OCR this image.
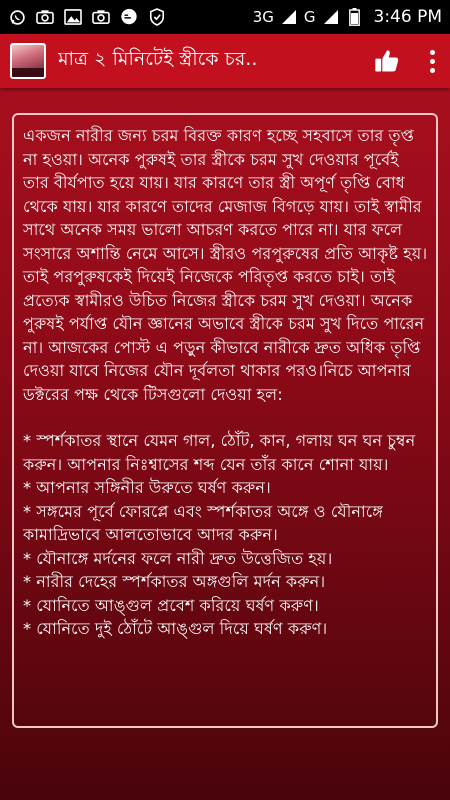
3G G	3:46 PM
মাত্র ২ মিনিটেই স্ত্রীকে চর..

একজন নারীর জন্য চরম বিরক্ত কারণ হচ্ছে সহবাসে তার তৃপ্ত না হওয়া। অনেক পুরুষই তার স্ত্রীকে চরম সুখ দেওয়ার পূর্বেই তার বীর্যপাত হয়ে যায়। যার কারণে তার স্ত্রী অপূর্ণ তৃপ্তি বোধ থেকে যায়। যার কারণে তাদের মেজাজ বিগড়ে যায়। তাই স্বামীর সাথে অনেক সময় ভালো আচরণ করতে পারে না। যার ফলে সংসারে অশান্তি নেমে আসে। স্ত্রীরও পরপুরুষের প্রতি আকৃষ্ট হয়। তাই পরপুরুষকেই দিয়েই নিজেকে পরিতৃপ্ত করতে চাই। তাই প্রত্যেক স্বামীরও উচিত নিজের স্ত্রীকে চরম সুখ দেওয়া। অনেক পুরুষই পর্যাপ্ত যৌন জ্ঞানের অভাবে স্ত্রীকে চরম সুখ দিতে পারেন না। আজকের পোস্ট এ পড়ুন কীভাবে নারীকে দ্রুত অধিক তৃপ্তি দেওয়া যাবে নিজের যৌন দূর্বলতা থাকার পরও।নিচে আপনার ডক্টরের পক্ষ থেকে টিসগুলো দেওয়া হল:

* স্পর্শকাতর স্থানে যেমন গাল, ঠোঁট, কান, গলায় ঘন ঘন চুম্বন করুন। আপনার নিঃশ্বাসের শব্দ যেন তাঁর কানে শোনা যায়।

* আপনার সঙ্গিনীর উরুতে ঘর্ষণ করুন।

* সঙ্গমের পূর্বে ফোরপ্লে এবং স্পর্শকাতর অঙ্গে ও যৌনাঙ্গে কামাদ্রিভাবে আলতোভাবে আদর করুন।

* যৌনাঙ্গে মর্দনের ফলে নারী দ্রুত উত্তেজিত হয়।

* নারীর দেহের স্পর্শকাতর অঙ্গগুলি মর্দন করুন।

* যোনিতে আঙ্গুল প্রবেশ করিয়ে ঘর্ষণ করুণ।

* যোনিতে দুই ঠোঁটে আঙ্গুল দিয়ে ঘর্ষণ করুণ।
